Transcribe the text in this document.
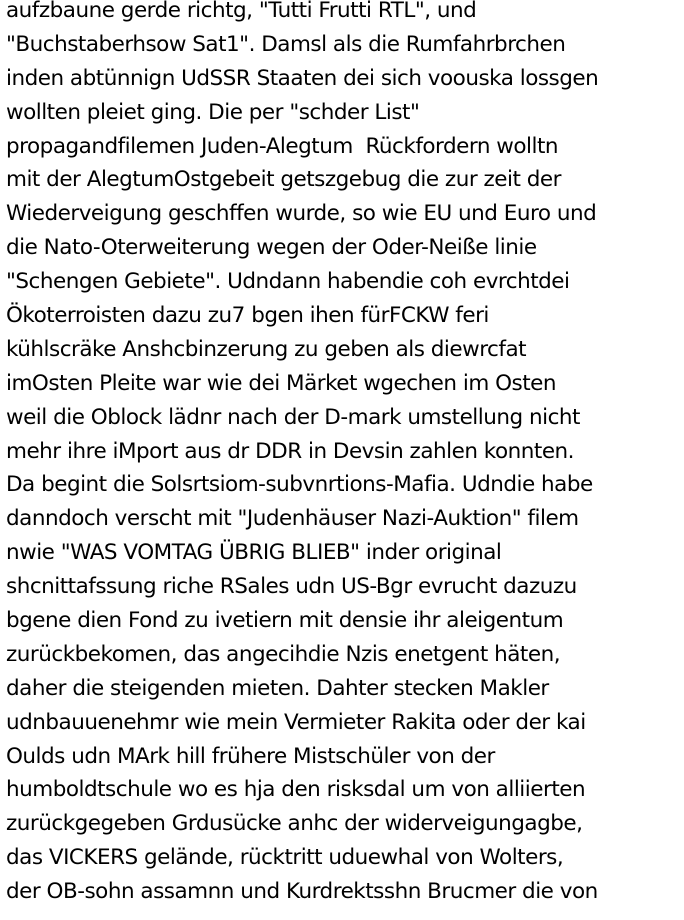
aufzbaune gerde richtg, "Tutti Frutti RTL", und
"Buchstaberhsow Sat1". Damsl als die Rumfahrbrchen
inden abtünnign UdSSR Staaten dei sich voouska lossgen
wollten pleiet ging. Die per "schder List"
propagandfilemen Juden-Alegtum  Rückfordern wolltn
mit der AlegtumOstgebeit getszgebug die zur zeit der
Wiederveigung geschffen wurde, so wie EU und Euro und
die Nato-Oterweiterung wegen der Oder-Neiße linie
"Schengen Gebiete". Udndann habendie coh evrchtdei
Ökoterroisten dazu zu7 bgen ihen fürFCKW feri
kühlscräke Anshcbinzerung zu geben als diewrcfat
imOsten Pleite war wie dei Märket wgechen im Osten
weil die Oblock lädnr nach der D-mark umstellung nicht
mehr ihre iMport aus dr DDR in Devsin zahlen konnten.
Da begint die Solsrtsiom-subvnrtions-Mafia. Udndie habe
danndoch verscht mit "Judenhäuser Nazi-Auktion" filem
nwie "WAS VOMTAG ÜBRIG BLIEB" inder original
shcnittafssung riche RSales udn US-Bgr evrucht dazuzu
bgene dien Fond zu ivetiern mit densie ihr aleigentum
zurückbekomen, das angecihdie Nzis enetgent häten,
daher die steigenden mieten. Dahter stecken Makler
udnbauuenehmr wie mein Vermieter Rakita oder der kai
Oulds udn MArk hill frühere Mistschüler von der
humboldtschule wo es hja den risksdal um von alliierten
zurückgegeben Grdusücke anhc der widerveigungagbe,
das VICKERS gelände, rücktritt uduewhal von Wolters,
der OB-sohn assamnn und Kurdrektsshn Brucmer die von
